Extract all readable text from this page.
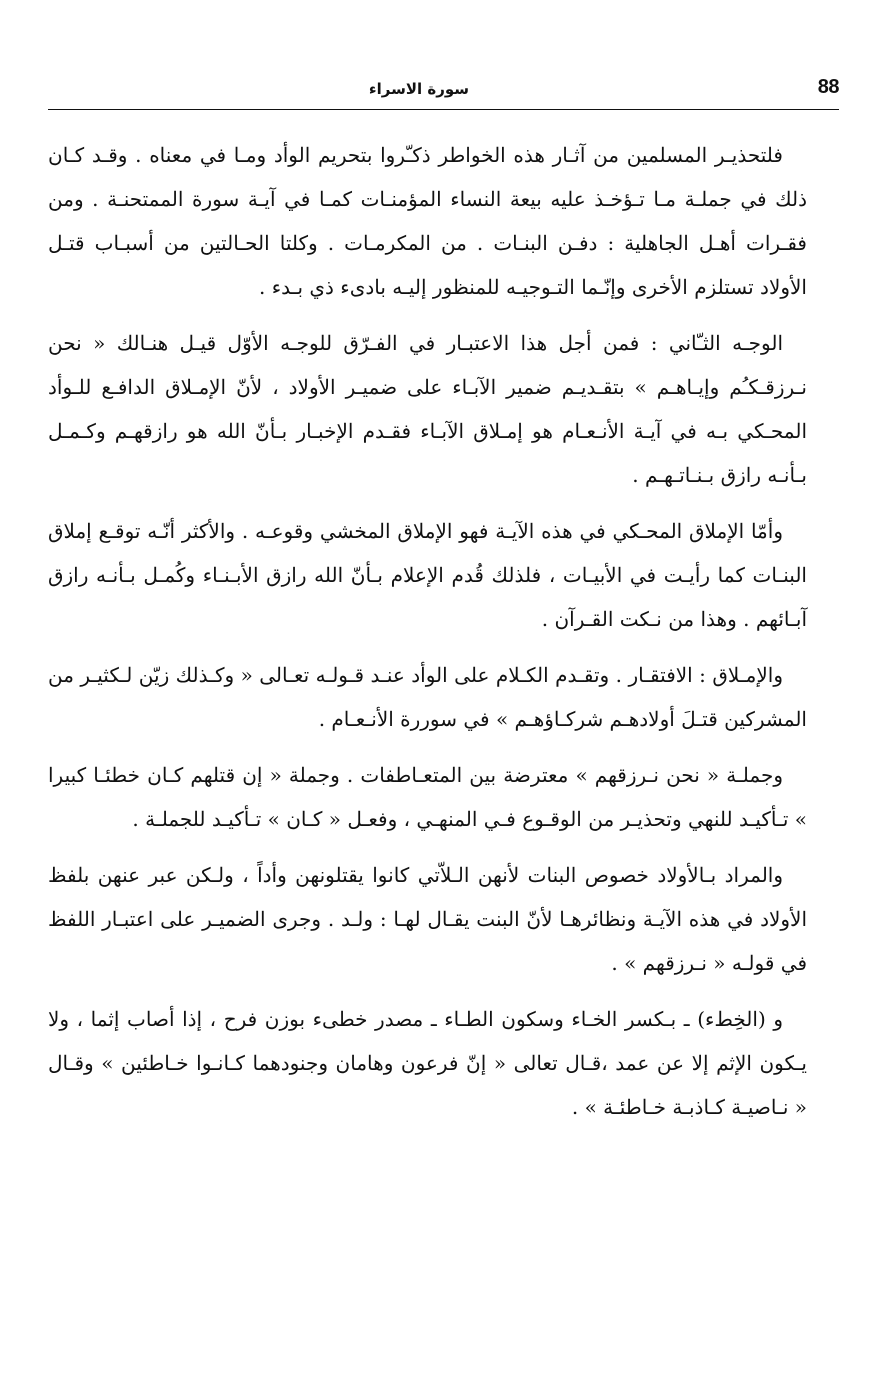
88
سورة الاسراء

فلتحذيـر المسلمين من آثـار هذه الخواطر ذكـّروا بتحريم الوأد ومـا في معناه . وقـد كـان ذلك في جملـة مـا تـؤخـذ عليه بيعة النساء المؤمنـات كمـا في آيـة سورة الممتحنـة . ومن فقـرات أهـل الجاهلية : دفـن البنـات . من المكرمـات . وكلتا الحـالتين من أسبـاب قتـل الأولاد تستلزم الأخرى وإنّـما التـوجيـه للمنظور إليـه بادىء ذي بـدء .

الوجـه الثـّاني : فمن أجل هذا الاعتبـار في الفـرّق للوجـه الأوّل قيـل هنـالك « نحن نـرزقـكـُم وإيـاهـم » بتقـديـم ضمير الآبـاء على ضميـر الأولاد ، لأنّ الإمـلاق الدافـع للـوأد المحـكي بـه في آيـة الأنـعـام هو إمـلاق الآبـاء فقـدم الإخبـار بـأنّ الله هو رازقهـم وكـمـل بـأنـه رازق بـنـاتـهـم .

وأمّا الإملاق المحـكي في هذه الآيـة فهو الإملاق المخشي وقوعـه . والأكثر أنّـه توقـع إملاق البنـات كما رأيـت في الأبيـات ، فلذلك قُدم الإعلام بـأنّ الله رازق الأبـنـاء وكُمـل بـأنـه رازق آبـائهم . وهذا من نـكت القـرآن .

والإمـلاق : الافتقـار . وتقـدم الكـلام على الوأد عنـد قـولـه تعـالى « وكـذلك زيّن لـكثيـر من المشركين قتـلَ أولادهـم شركـاؤهـم » في سوررة الأنـعـام .

وجملـة « نحن نـرزقهم » معترضة بين المتعـاطفات . وجملة « إن قتلهم كـان خطئـا كبيرا » تـأكيـد للنهي وتحذيـر من الوقـوع فـي المنهـي ، وفعـل « كـان » تـأكيـد للجملـة .

والمراد بـالأولاد خصوص البنات لأنهن الـلاّتي كانوا يقتلونهن وأداً ، ولـكن عبر عنهن بلفظ الأولاد في هذه الآيـة ونظائرهـا لأنّ البنت يقـال لهـا : ولـد . وجرى الضميـر على اعتبـار اللفظ في قولـه « نـرزقهم » .

و (الخِطء) ـ بـكسر الخـاء وسكون الطـاء ـ مصدر خطىء بوزن فرح ، إذا أصاب إثما ، ولا يـكون الإثم إلا عن عمد ،قـال تعالى « إنّ فرعون وهامان وجنودهما كـانـوا خـاطئين » وقـال « نـاصيـة كـاذبـة خـاطئـة » .
